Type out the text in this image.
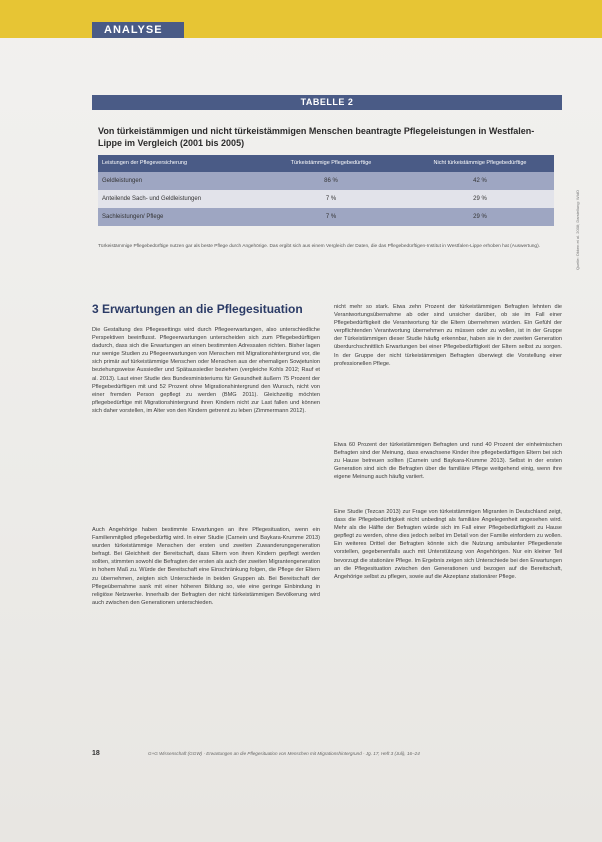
ANALYSE
TABELLE 2
Von türkeistämmigen und nicht türkeistämmigen Menschen beantragte Pflegeleistungen in Westfalen-Lippe im Vergleich (2001 bis 2005)
Leistungen der Pflegeversicherung	Türkeistämmige Pflegebedürftige	Nicht türkeistämmige Pflegebedürftige
Geldleistungen	86 %	42 %
Anteilende Sach- und Geldleistungen	7 %	29 %
Sachleistungen/ Pflege	7 %	29 %
Türkeistämmige Pflegebedürftige nutzen gar als beste Pflege durch Angehörige. Das ergibt sich aus einem Vergleich der Daten, die das Pflegebedürftigen-Institut in Westfalen-Lippe erhoben hat (Auswertung).	Quelle: Okken et al. 2008; Darstellung: WIdO
3 Erwartungen an die Pflegesituation

Die Gestaltung des Pflegesettings wird durch Pflegeerwartungen, also unterschiedliche Perspektiven beeinflusst. Pflegeerwartungen unterscheiden sich zum Pflegebedürftigen dadurch, dass sich die Erwartungen an einen bestimmten Adressaten richten. Bisher lagen nur wenige Studien zu Pflegeerwartungen von Menschen mit Migrationshintergrund vor, die sich primär auf türkeistämmige Menschen oder Menschen aus der ehemaligen Sowjetunion beziehungsweise Aussiedler und Spätaussiedler beziehen (vergleiche Kohls 2012; Rauf et al. 2013). Laut einer Studie des Bundesministeriums für Gesundheit äußern 75 Prozent der Pflegebedürftigen mit und 52 Prozent ohne Migrationshintergrund den Wunsch, nicht von einer fremden Person gepflegt zu werden (BMG 2011). Gleichzeitig möchten pflegebedürftige mit Migrationshintergrund ihren Kindern nicht zur Last fallen und können sich daher vorstellen, im Alter von den Kindern getrennt zu leben (Zimmermann 2012).

Auch Angehörige haben bestimmte Erwartungen an ihre Pflegesituation, wenn ein Familienmitglied pflegebedürftig wird. In einer Studie (Carnein und Baykara-Krumme 2013) wurden türkeistämmige Menschen der ersten und zweiten Zuwanderungsgeneration befragt. Bei Gleichheit der Bereitschaft, dass Eltern von ihren Kindern gepflegt werden sollten, stimmten sowohl die Befragten der ersten als auch der zweiten Migrantengeneration in hohem Maß zu. Würde der Bereitschaft eine Einschränkung folgen, die Pflege der Eltern zu übernehmen, zeigten sich Unterschiede in beiden Gruppen ab. Bei Bereitschaft der Pflegeübernahme sank mit einer höheren Bildung so, wie eine geringe Einbindung in religiöse Netzwerke. Innerhalb der Befragten der nicht türkeistämmigen Bevölkerung wird auch zwischen den Generationen unterschieden.

nicht mehr so stark. Etwa zehn Prozent der türkeistämmigen Befragten lehnten die Verantwortungsübernahme ab oder sind unsicher darüber, ob sie im Fall einer Pflegebedürftigkeit die Verantwortung für die Eltern übernehmen würden. Ein Gefühl der verpflichtenden Verantwortung übernehmen zu müssen oder zu wollen, ist in der Gruppe der Türkeistämmigen dieser Studie häufig erkennbar, haben sie in der zweiten Generation überdurchschnittlich Erwartungen bei einer Pflegebedürftigkeit der Eltern selbst zu sorgen. In der Gruppe der nicht türkeistämmigen Befragten überwiegt die Vorstellung einer professionellen Pflege.

Etwa 60 Prozent der türkeistämmigen Befragten und rund 40 Prozent der einheimischen Befragten sind der Meinung, dass erwachsene Kinder ihre pflegebedürftigen Eltern bei sich zu Hause betreuen sollten (Carnein und Baykara-Krumme 2013). Selbst in der ersten Generation sind sich die Befragten über die familiäre Pflege weitgehend einig, wenn ihre eigene Meinung auch häufig variiert.

Eine Studie (Tezcan 2013) zur Frage von türkeistämmigen Migranten in Deutschland zeigt, dass die Pflegebedürftigkeit nicht unbedingt als familiäre Angelegenheit angesehen wird. Mehr als die Hälfte der Befragten würde sich im Fall einer Pflegebedürftigkeit zu Hause gepflegt zu werden, ohne dies jedoch selbst im Detail von der Familie einfordern zu wollen. Ein weiteres Drittel der Befragten könnte sich die Nutzung ambulanter Pflegedienste vorstellen, gegebenenfalls auch mit Unterstützung von Angehörigen. Nur ein kleiner Teil bevorzugt die stationäre Pflege. Im Ergebnis zeigen sich Unterschiede bei den Erwartungen an die Pflegesituation zwischen den Generationen und bezogen auf die Bereitschaft, Angehörige selbst zu pflegen, sowie auf die Akzeptanz stationärer Pflege.

18	G+G Wissenschaft (GGW) · Erwartungen an die Pflegesituation von Menschen mit Migrationshintergrund · Jg. 17, Heft 3 (Juli), 16–24
